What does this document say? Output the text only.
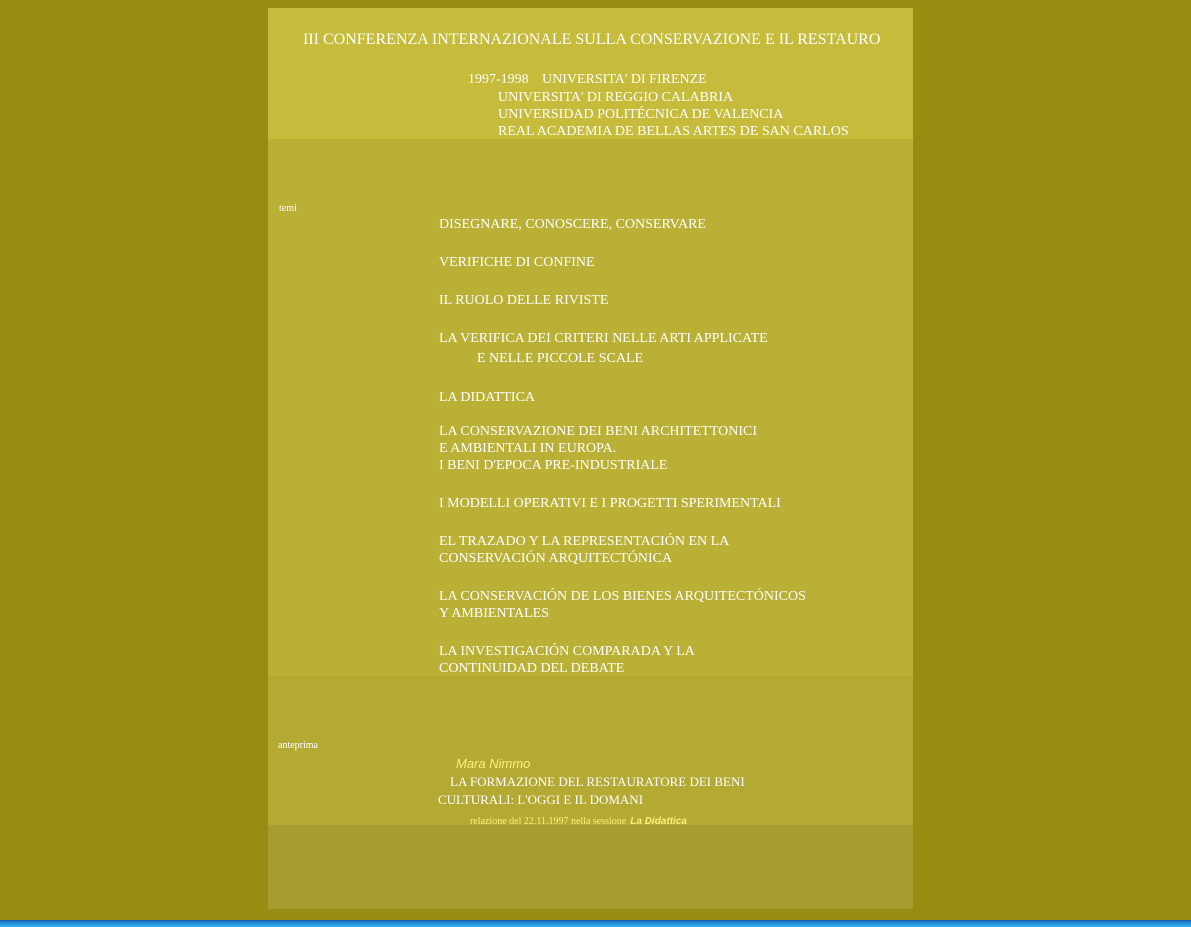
III CONFERENZA INTERNAZIONALE SULLA CONSERVAZIONE E IL RESTAURO
1997-1998 UNIVERSITA' DI FIRENZE
UNIVERSITA' DI REGGIO CALABRIA
UNIVERSIDAD POLITÉCNICA DE VALENCIA
REAL ACADEMIA DE BELLAS ARTES DE SAN CARLOS
temi
DISEGNARE, CONOSCERE, CONSERVARE
VERIFICHE DI CONFINE
IL RUOLO DELLE RIVISTE
LA VERIFICA DEI CRITERI NELLE ARTI APPLICATE
E NELLE PICCOLE SCALE
LA DIDATTICA
LA CONSERVAZIONE DEI BENI ARCHITETTONICI
E AMBIENTALI IN EUROPA.
I BENI D'EPOCA PRE-INDUSTRIALE
I MODELLI OPERATIVI E I PROGETTI SPERIMENTALI
EL TRAZADO Y LA REPRESENTACIÓN EN LA
CONSERVACIÓN ARQUITECTÓNICA
LA CONSERVACIÓN DE LOS BIENES ARQUITECTÓNICOS
Y AMBIENTALES
LA INVESTIGACIÓN COMPARADA Y LA
CONTINUIDAD DEL DEBATE
anteprima
Mara Nimmo
LA FORMAZIONE DEL RESTAURATORE DEI BENI
CULTURALI: L'OGGI E IL DOMANI
relazione del 22.11.1997 nella sessione La Didattica
